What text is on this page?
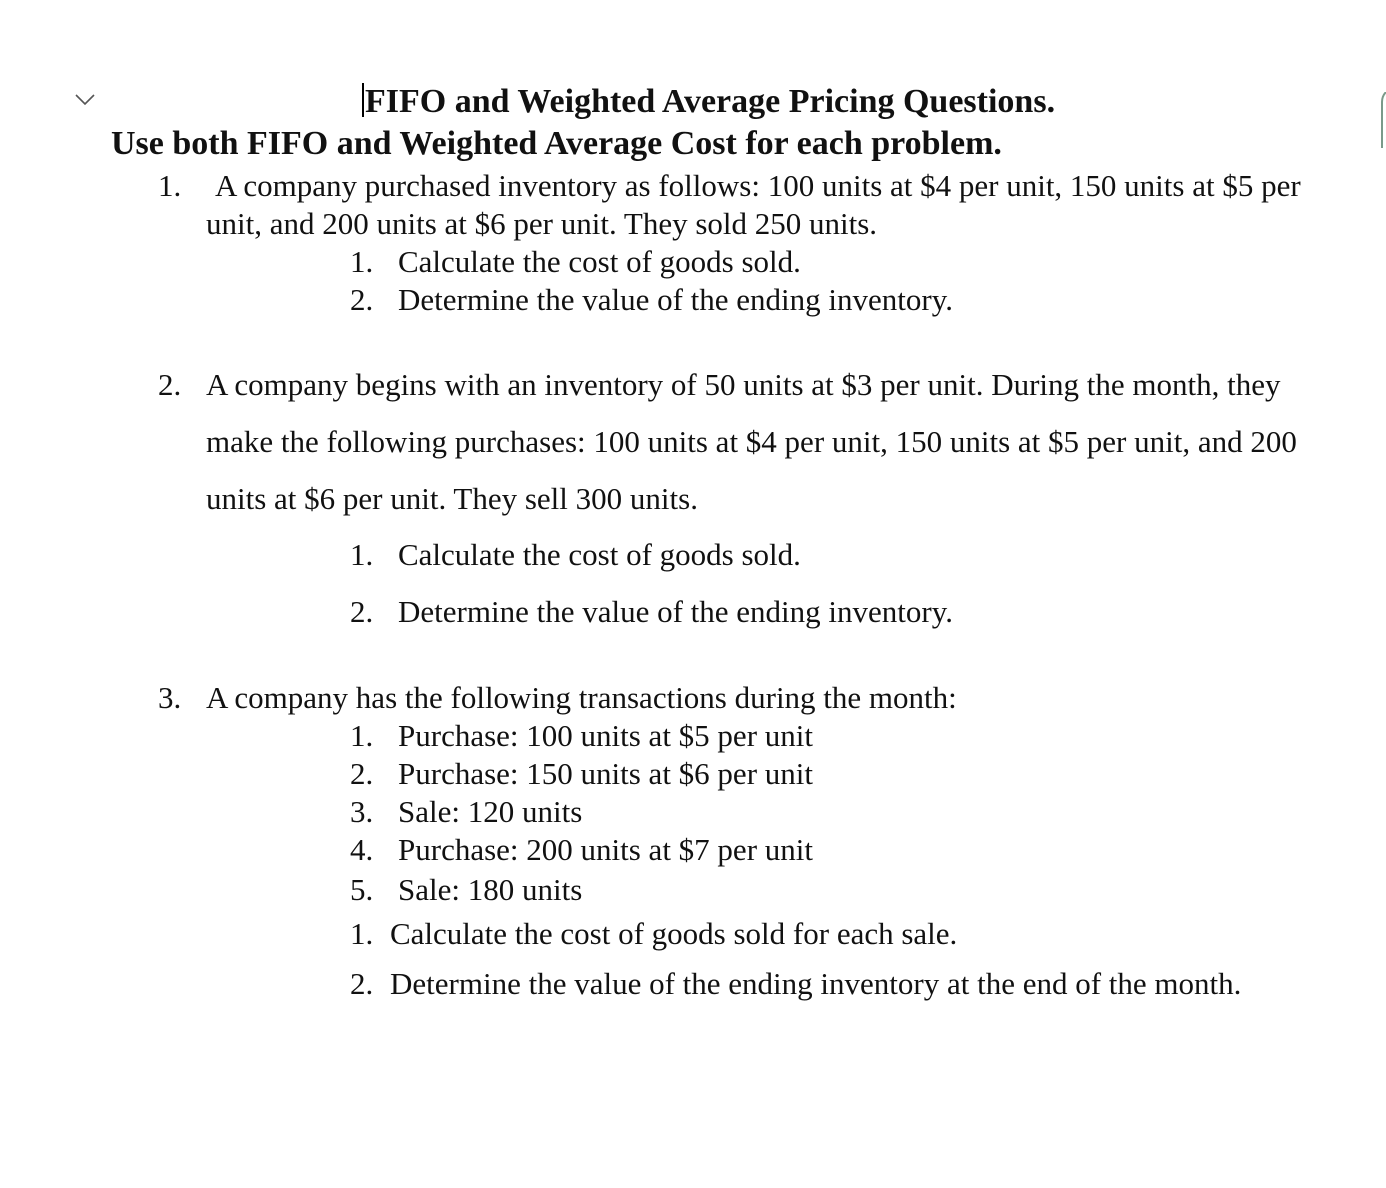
FIFO and Weighted Average Pricing Questions.
Use both FIFO and Weighted Average Cost for each problem.
1. A company purchased inventory as follows: 100 units at $4 per unit, 150 units at $5 per
unit, and 200 units at $6 per unit. They sold 250 units.
1. Calculate the cost of goods sold.
2. Determine the value of the ending inventory.
2. A company begins with an inventory of 50 units at $3 per unit. During the month, they
make the following purchases: 100 units at $4 per unit, 150 units at $5 per unit, and 200
units at $6 per unit. They sell 300 units.
1. Calculate the cost of goods sold.
2. Determine the value of the ending inventory.
3. A company has the following transactions during the month:
1. Purchase: 100 units at $5 per unit
2. Purchase: 150 units at $6 per unit
3. Sale: 120 units
4. Purchase: 200 units at $7 per unit
5. Sale: 180 units
1. Calculate the cost of goods sold for each sale.
2. Determine the value of the ending inventory at the end of the month.
